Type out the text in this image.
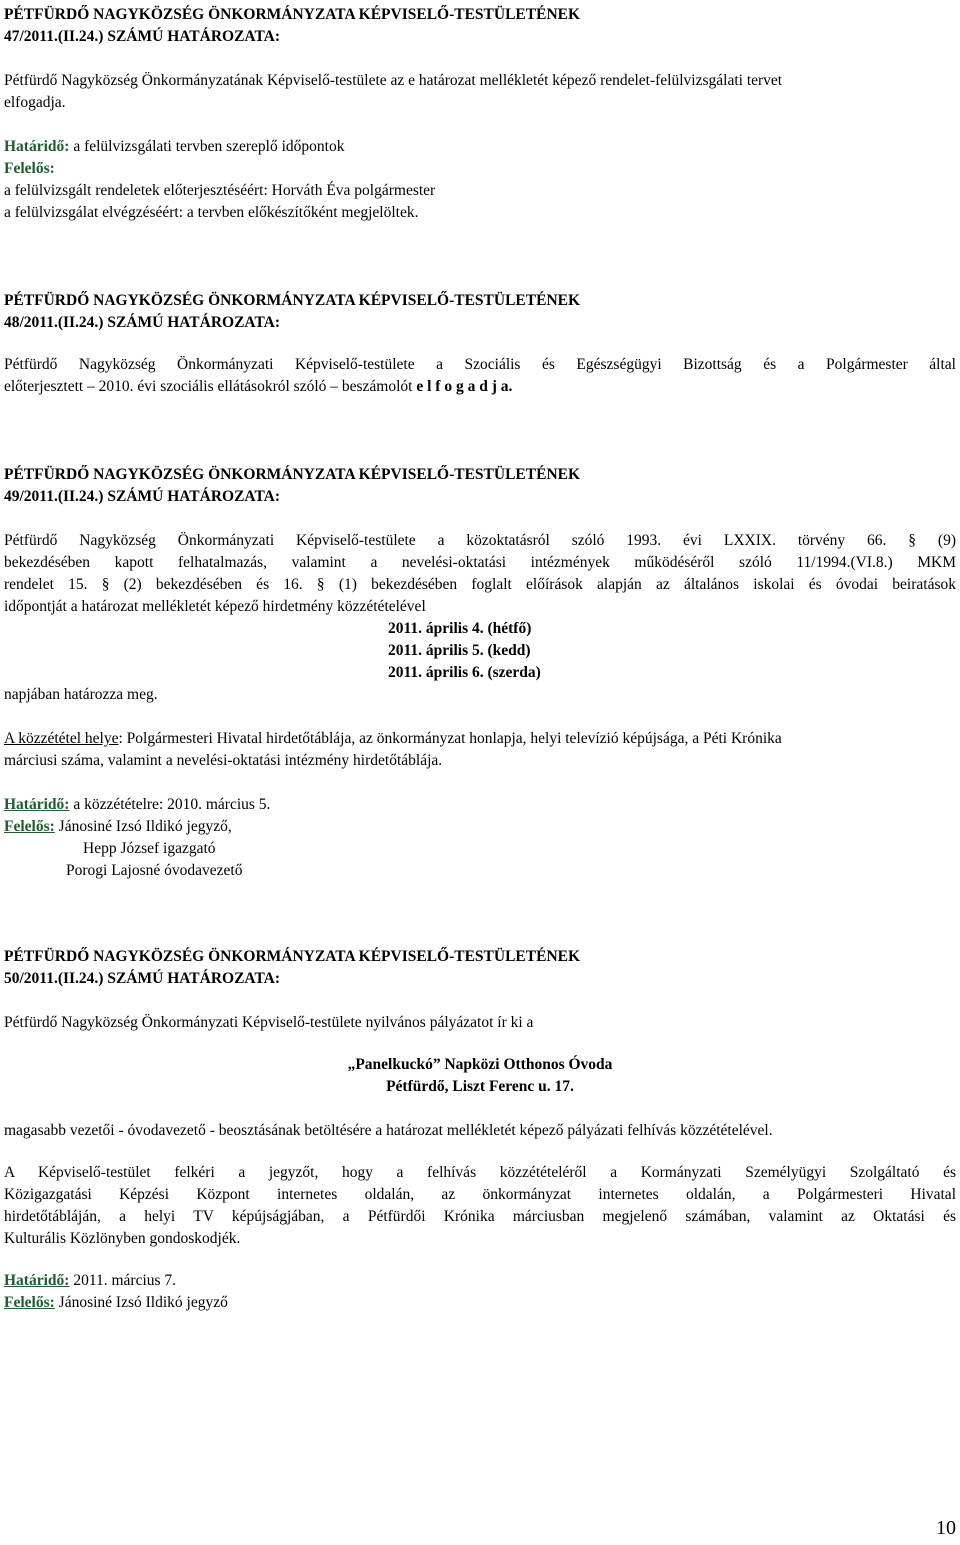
PÉTFÜRDŐ NAGYKÖZSÉG ÖNKORMÁNYZATA KÉPVISELŐ-TESTÜLETÉNEK
47/2011.(II.24.) SZÁMÚ HATÁROZATA:
Pétfürdő Nagyközség Önkormányzatának Képviselő-testülete az e határozat mellékletét képező rendelet-felülvizsgálati tervet
elfogadja.
Határidő: a felülvizsgálati tervben szereplő időpontok
Felelős:
a felülvizsgált rendeletek előterjesztéséért: Horváth Éva polgármester
a felülvizsgálat elvégzéséért: a tervben előkészítőként megjelöltek.
PÉTFÜRDŐ NAGYKÖZSÉG ÖNKORMÁNYZATA KÉPVISELŐ-TESTÜLETÉNEK
48/2011.(II.24.) SZÁMÚ HATÁROZATA:
Pétfürdő Nagyközség Önkormányzati Képviselő-testülete a Szociális és Egészségügyi Bizottság és a Polgármester által
előterjesztett – 2010. évi szociális ellátásokról szóló – beszámolót e l f o g a d j a.
PÉTFÜRDŐ NAGYKÖZSÉG ÖNKORMÁNYZATA KÉPVISELŐ-TESTÜLETÉNEK
49/2011.(II.24.) SZÁMÚ HATÁROZATA:
Pétfürdő Nagyközség Önkormányzati Képviselő-testülete a közoktatásról szóló 1993. évi LXXIX. törvény 66. § (9)
bekezdésében kapott felhatalmazás, valamint a nevelési-oktatási intézmények működéséről szóló 11/1994.(VI.8.) MKM
rendelet 15. § (2) bekezdésében és 16. § (1) bekezdésében foglalt előírások alapján az általános iskolai és óvodai beiratások
időpontját a határozat mellékletét képező hirdetmény közzétételével
2011. április 4. (hétfő)
2011. április 5. (kedd)
2011. április 6. (szerda)
napjában határozza meg.
A közzététel helye: Polgármesteri Hivatal hirdetőtáblája, az önkormányzat honlapja, helyi televízió képújsága, a Péti Krónika
márciusi száma, valamint a nevelési-oktatási intézmény hirdetőtáblája.
Határidő: a közzétételre: 2010. március 5.
Felelős: Jánosiné Izsó Ildikó jegyző,
Hepp József igazgató
Porogi Lajosné óvodavezető
PÉTFÜRDŐ NAGYKÖZSÉG ÖNKORMÁNYZATA KÉPVISELŐ-TESTÜLETÉNEK
50/2011.(II.24.) SZÁMÚ HATÁROZATA:
Pétfürdő Nagyközség Önkormányzati Képviselő-testülete nyilvános pályázatot ír ki a
„Panelkuckó” Napközi Otthonos Óvoda
Pétfürdő, Liszt Ferenc u. 17.
magasabb vezetői - óvodavezető - beosztásának betöltésére a határozat mellékletét képező pályázati felhívás közzétételével.
A Képviselő-testület felkéri a jegyzőt, hogy a felhívás közzétételéről a Kormányzati Személyügyi Szolgáltató és
Közigazgatási Képzési Központ internetes oldalán, az önkormányzat internetes oldalán, a Polgármesteri Hivatal
hirdetőtábláján, a helyi TV képújságjában, a Pétfürdői Krónika márciusban megjelenő számában, valamint az Oktatási és
Kulturális Közlönyben gondoskodjék.
Határidő: 2011. március 7.
Felelős: Jánosiné Izsó Ildikó jegyző
10
